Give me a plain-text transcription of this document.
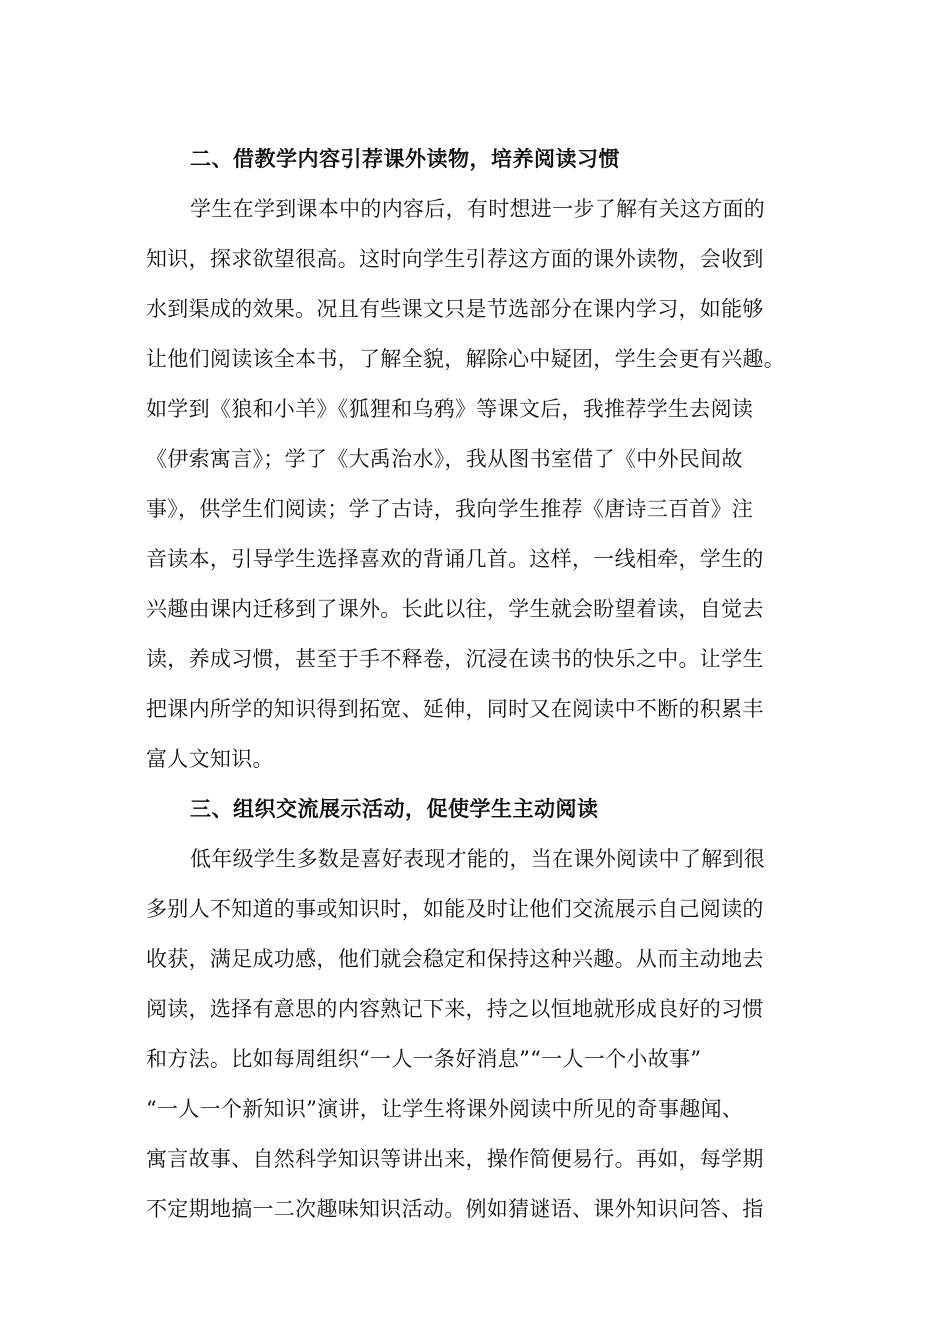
二、借教学内容引荐课外读物，培养阅读习惯
学生在学到课本中的内容后，有时想进一步了解有关这方面的
知识，探求欲望很高。这时向学生引荐这方面的课外读物，会收到
水到渠成的效果。况且有些课文只是节选部分在课内学习，如能够
让他们阅读该全本书，了解全貌，解除心中疑团，学生会更有兴趣。
如学到《狼和小羊》《狐狸和乌鸦》等课文后，我推荐学生去阅读
《伊索寓言》；学了《大禹治水》，我从图书室借了《中外民间故
事》，供学生们阅读；学了古诗，我向学生推荐《唐诗三百首》注
音读本，引导学生选择喜欢的背诵几首。这样，一线相牵，学生的
兴趣由课内迁移到了课外。长此以往，学生就会盼望着读，自觉去
读，养成习惯，甚至于手不释卷，沉浸在读书的快乐之中。让学生
把课内所学的知识得到拓宽、延伸，同时又在阅读中不断的积累丰
富人文知识。
三、组织交流展示活动，促使学生主动阅读
低年级学生多数是喜好表现才能的，当在课外阅读中了解到很
多别人不知道的事或知识时，如能及时让他们交流展示自己阅读的
收获，满足成功感，他们就会稳定和保持这种兴趣。从而主动地去
阅读，选择有意思的内容熟记下来，持之以恒地就形成良好的习惯
和方法。比如每周组织“一人一条好消息”“一人一个小故事”
“一人一个新知识”演讲，让学生将课外阅读中所见的奇事趣闻、
寓言故事、自然科学知识等讲出来，操作简便易行。再如，每学期
不定期地搞一二次趣味知识活动。例如猜谜语、课外知识问答、指
